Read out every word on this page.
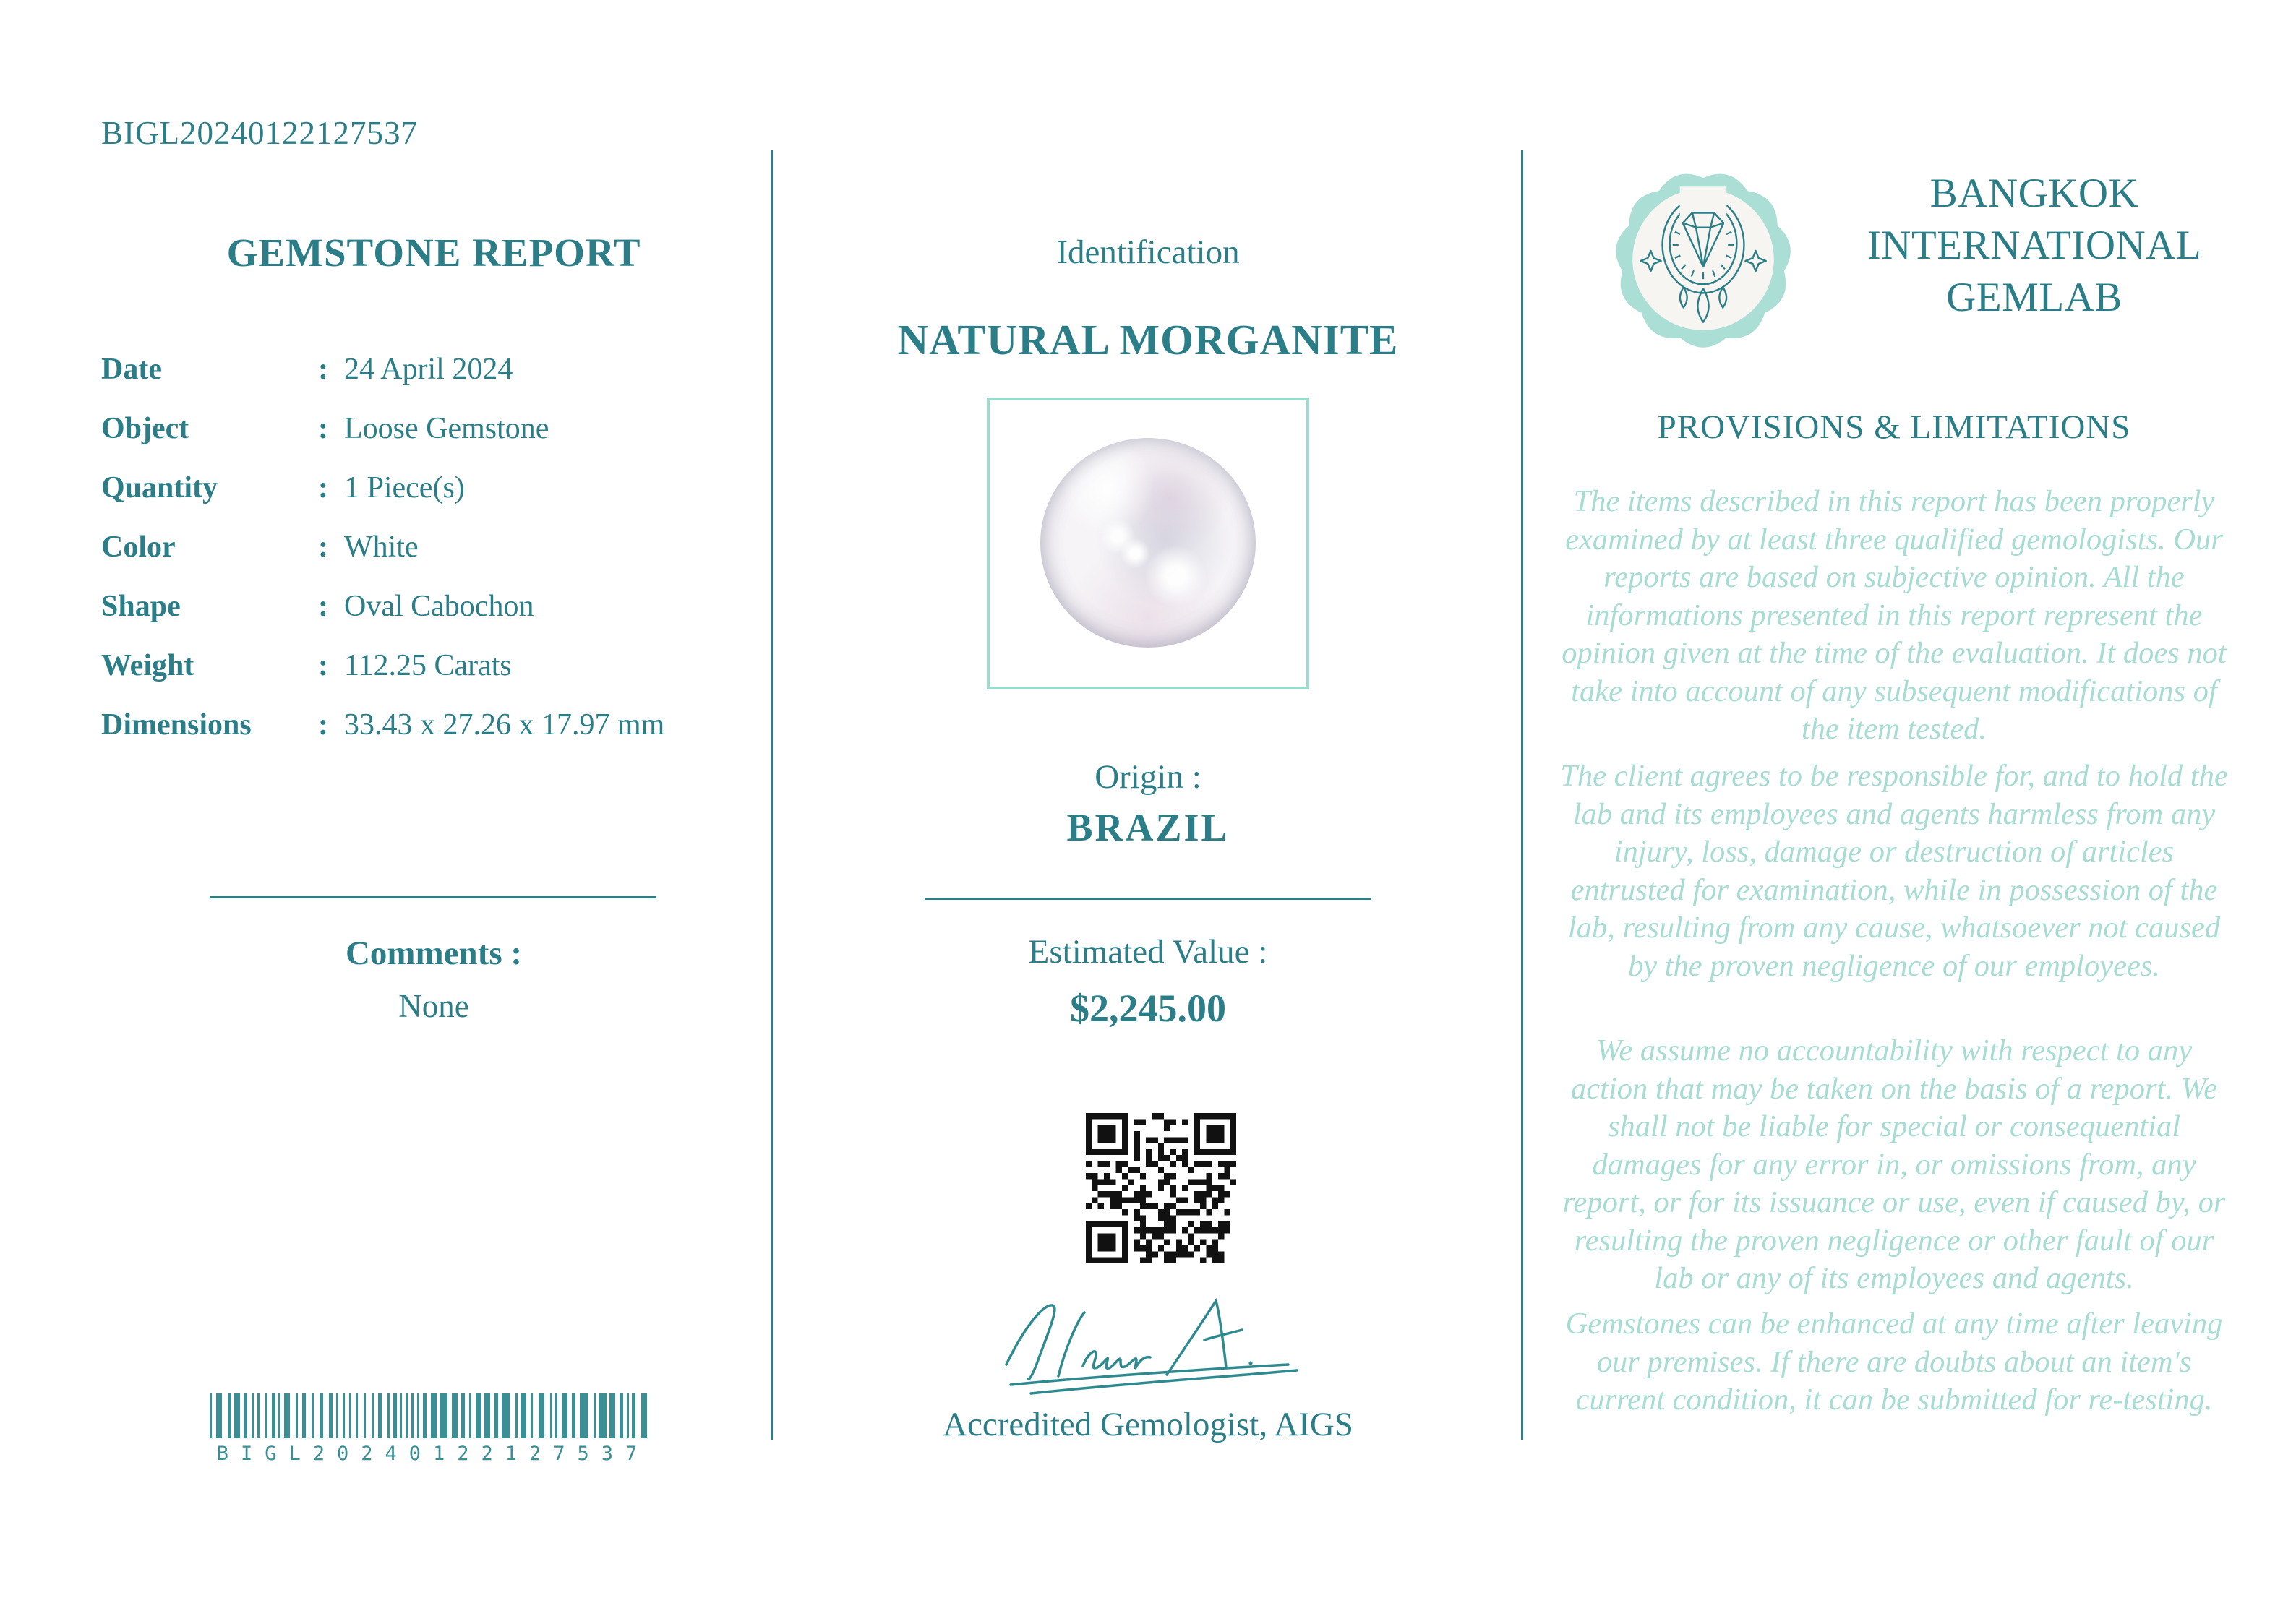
BIGL20240122127537
GEMSTONE REPORT
Date	: 24 April 2024
Object	: Loose Gemstone
Quantity	: 1 Piece(s)
Color	: White
Shape	: Oval Cabochon
Weight	: 112.25 Carats
Dimensions	: 33.43 x 27.26 x 17.97 mm
Comments :
None
BIGL20240122127537
Identification
NATURAL MORGANITE
Origin :
BRAZIL
Estimated Value :
$2,245.00
Accredited Gemologist, AIGS
BANGKOK
INTERNATIONAL
GEMLAB
PROVISIONS & LIMITATIONS
The items described in this report has been properly examined by at least three qualified gemologists. Our reports are based on subjective opinion. All the informations presented in this report represent the opinion given at the time of the evaluation. It does not take into account of any subsequent modifications of the item tested.
The client agrees to be responsible for, and to hold the lab and its employees and agents harmless from any injury, loss, damage or destruction of articles entrusted for examination, while in possession of the lab, resulting from any cause, whatsoever not caused by the proven negligence of our employees.
We assume no accountability with respect to any action that may be taken on the basis of a report. We shall not be liable for special or consequential damages for any error in, or omissions from, any report, or for its issuance or use, even if caused by, or resulting the proven negligence or other fault of our lab or any of its employees and agents.
Gemstones can be enhanced at any time after leaving our premises. If there are doubts about an item's current condition, it can be submitted for re-testing.
